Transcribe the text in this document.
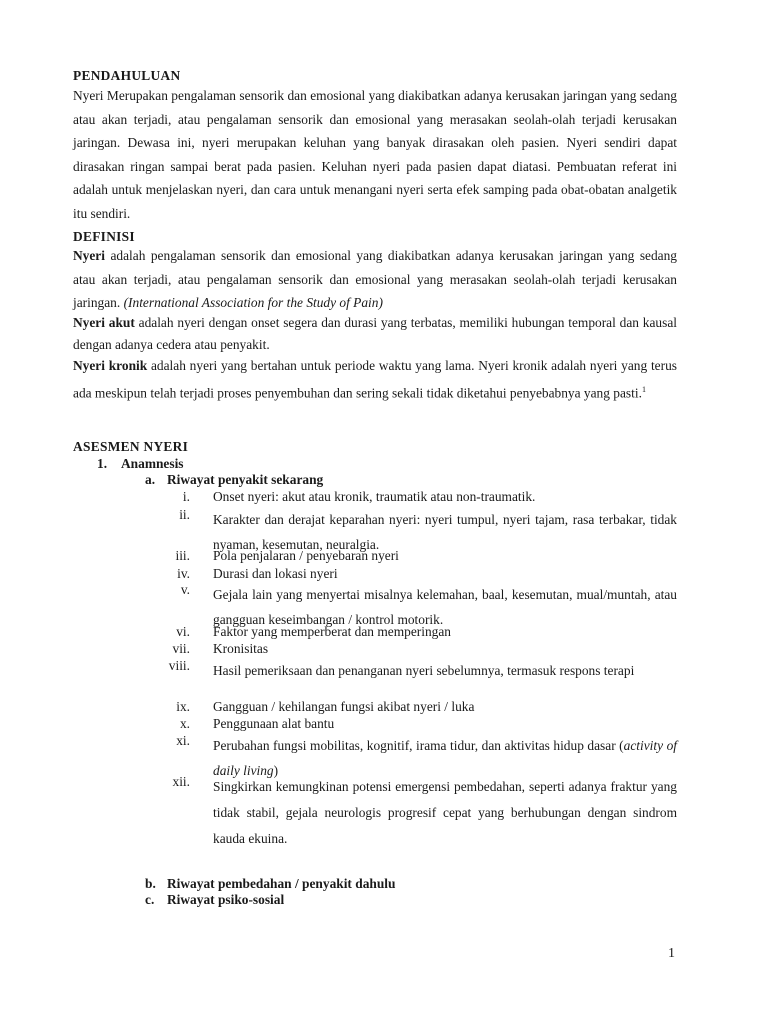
PENDAHULUAN
Nyeri Merupakan pengalaman sensorik dan emosional yang diakibatkan adanya kerusakan jaringan yang sedang atau akan terjadi, atau pengalaman sensorik dan emosional yang merasakan seolah-olah terjadi kerusakan jaringan. Dewasa ini, nyeri merupakan keluhan yang banyak dirasakan oleh pasien. Nyeri sendiri dapat dirasakan ringan sampai berat pada pasien. Keluhan nyeri pada pasien dapat diatasi. Pembuatan referat ini adalah untuk menjelaskan nyeri, dan cara untuk menangani nyeri serta efek samping pada obat-obatan analgetik itu sendiri.
DEFINISI
Nyeri adalah pengalaman sensorik dan emosional yang diakibatkan adanya kerusakan jaringan yang sedang atau akan terjadi, atau pengalaman sensorik dan emosional yang merasakan seolah-olah terjadi kerusakan jaringan. (International Association for the Study of Pain)
Nyeri akut adalah nyeri dengan onset segera dan durasi yang terbatas, memiliki hubungan temporal dan kausal dengan adanya cedera atau penyakit.
Nyeri kronik adalah nyeri yang bertahan untuk periode waktu yang lama. Nyeri kronik adalah nyeri yang terus ada meskipun telah terjadi proses penyembuhan dan sering sekali tidak diketahui penyebabnya yang pasti.$^1$
ASESMEN NYERI
1. Anamnesis
a. Riwayat penyakit sekarang
i. Onset nyeri: akut atau kronik, traumatik atau non-traumatik.
ii. Karakter dan derajat keparahan nyeri: nyeri tumpul, nyeri tajam, rasa terbakar, tidak nyaman, kesemutan, neuralgia.
iii. Pola penjalaran / penyebaran nyeri
iv. Durasi dan lokasi nyeri
v. Gejala lain yang menyertai misalnya kelemahan, baal, kesemutan, mual/muntah, atau gangguan keseimbangan / kontrol motorik.
vi. Faktor yang memperberat dan memperingan
vii. Kronisitas
viii. Hasil pemeriksaan dan penanganan nyeri sebelumnya, termasuk respons terapi
ix. Gangguan / kehilangan fungsi akibat nyeri / luka
x. Penggunaan alat bantu
xi. Perubahan fungsi mobilitas, kognitif, irama tidur, dan aktivitas hidup dasar (activity of daily living)
xii. Singkirkan kemungkinan potensi emergensi pembedahan, seperti adanya fraktur yang tidak stabil, gejala neurologis progresif cepat yang berhubungan dengan sindrom kauda ekuina.
b. Riwayat pembedahan / penyakit dahulu
c. Riwayat psiko-sosial
1
